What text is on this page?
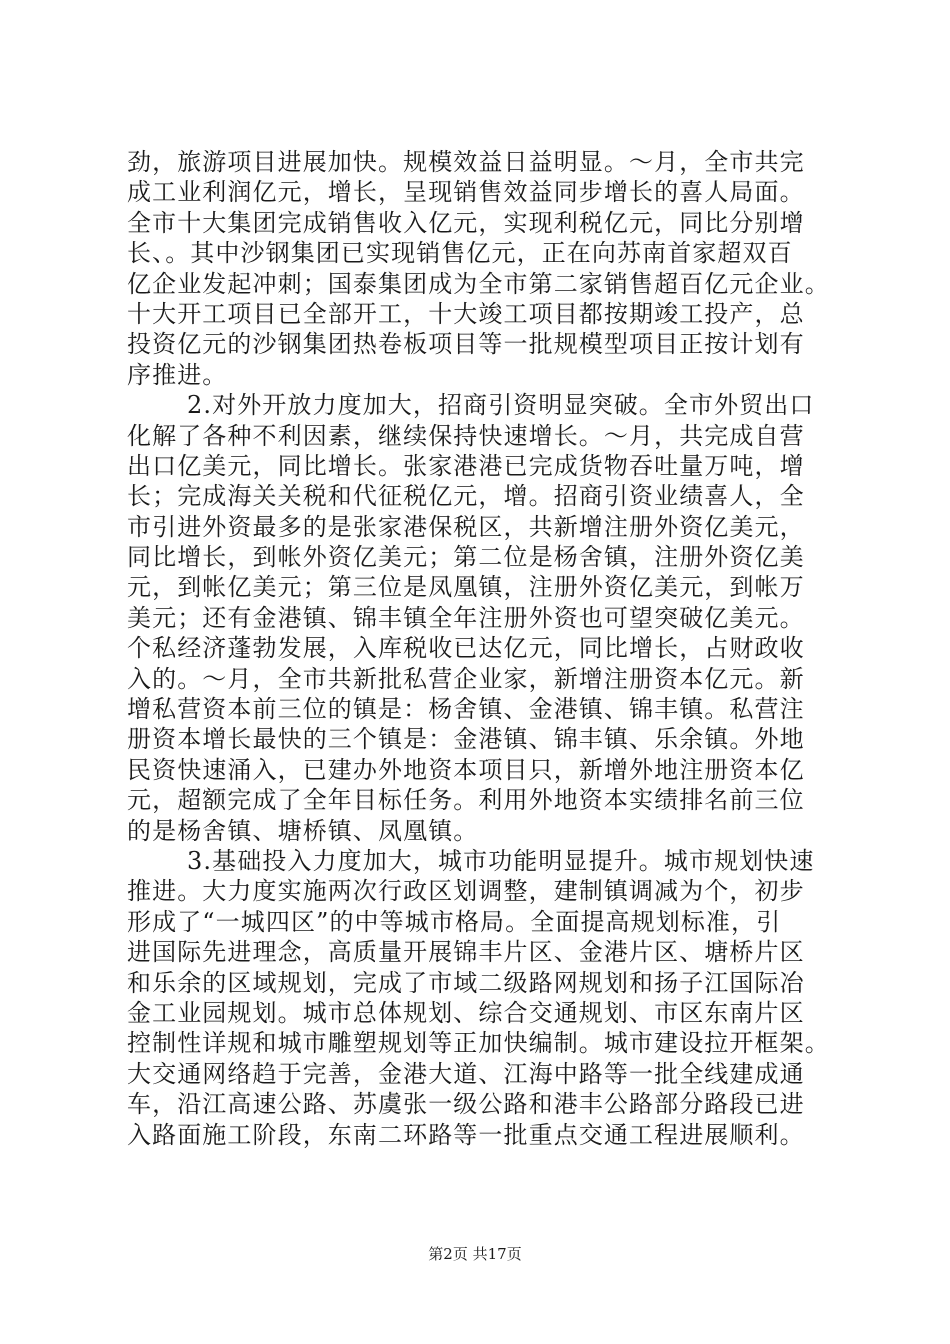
劲，旅游项目进展加快。规模效益日益明显。～月，全市共完
成工业利润亿元，增长，呈现销售效益同步增长的喜人局面。
全市十大集团完成销售收入亿元，实现利税亿元，同比分别增
长、。其中沙钢集团已实现销售亿元，正在向苏南首家超双百
亿企业发起冲刺；国泰集团成为全市第二家销售超百亿元企业。
十大开工项目已全部开工，十大竣工项目都按期竣工投产，总
投资亿元的沙钢集团热卷板项目等一批规模型项目正按计划有
序推进。
2.对外开放力度加大，招商引资明显突破。全市外贸出口
化解了各种不利因素，继续保持快速增长。～月，共完成自营
出口亿美元，同比增长。张家港港已完成货物吞吐量万吨，增
长；完成海关关税和代征税亿元，增。招商引资业绩喜人，全
市引进外资最多的是张家港保税区，共新增注册外资亿美元，
同比增长，到帐外资亿美元；第二位是杨舍镇，注册外资亿美
元，到帐亿美元；第三位是凤凰镇，注册外资亿美元，到帐万
美元；还有金港镇、锦丰镇全年注册外资也可望突破亿美元。
个私经济蓬勃发展，入库税收已达亿元，同比增长，占财政收
入的。～月，全市共新批私营企业家，新增注册资本亿元。新
增私营资本前三位的镇是：杨舍镇、金港镇、锦丰镇。私营注
册资本增长最快的三个镇是：金港镇、锦丰镇、乐余镇。外地
民资快速涌入，已建办外地资本项目只，新增外地注册资本亿
元，超额完成了全年目标任务。利用外地资本实绩排名前三位
的是杨舍镇、塘桥镇、凤凰镇。
3.基础投入力度加大，城市功能明显提升。城市规划快速
推进。大力度实施两次行政区划调整，建制镇调减为个，初步
形成了“一城四区”的中等城市格局。全面提高规划标准，引
进国际先进理念，高质量开展锦丰片区、金港片区、塘桥片区
和乐余的区域规划，完成了市域二级路网规划和扬子江国际冶
金工业园规划。城市总体规划、综合交通规划、市区东南片区
控制性详规和城市雕塑规划等正加快编制。城市建设拉开框架。
大交通网络趋于完善，金港大道、江海中路等一批全线建成通
车，沿江高速公路、苏虞张一级公路和港丰公路部分路段已进
入路面施工阶段，东南二环路等一批重点交通工程进展顺利。
第2页 共17页
